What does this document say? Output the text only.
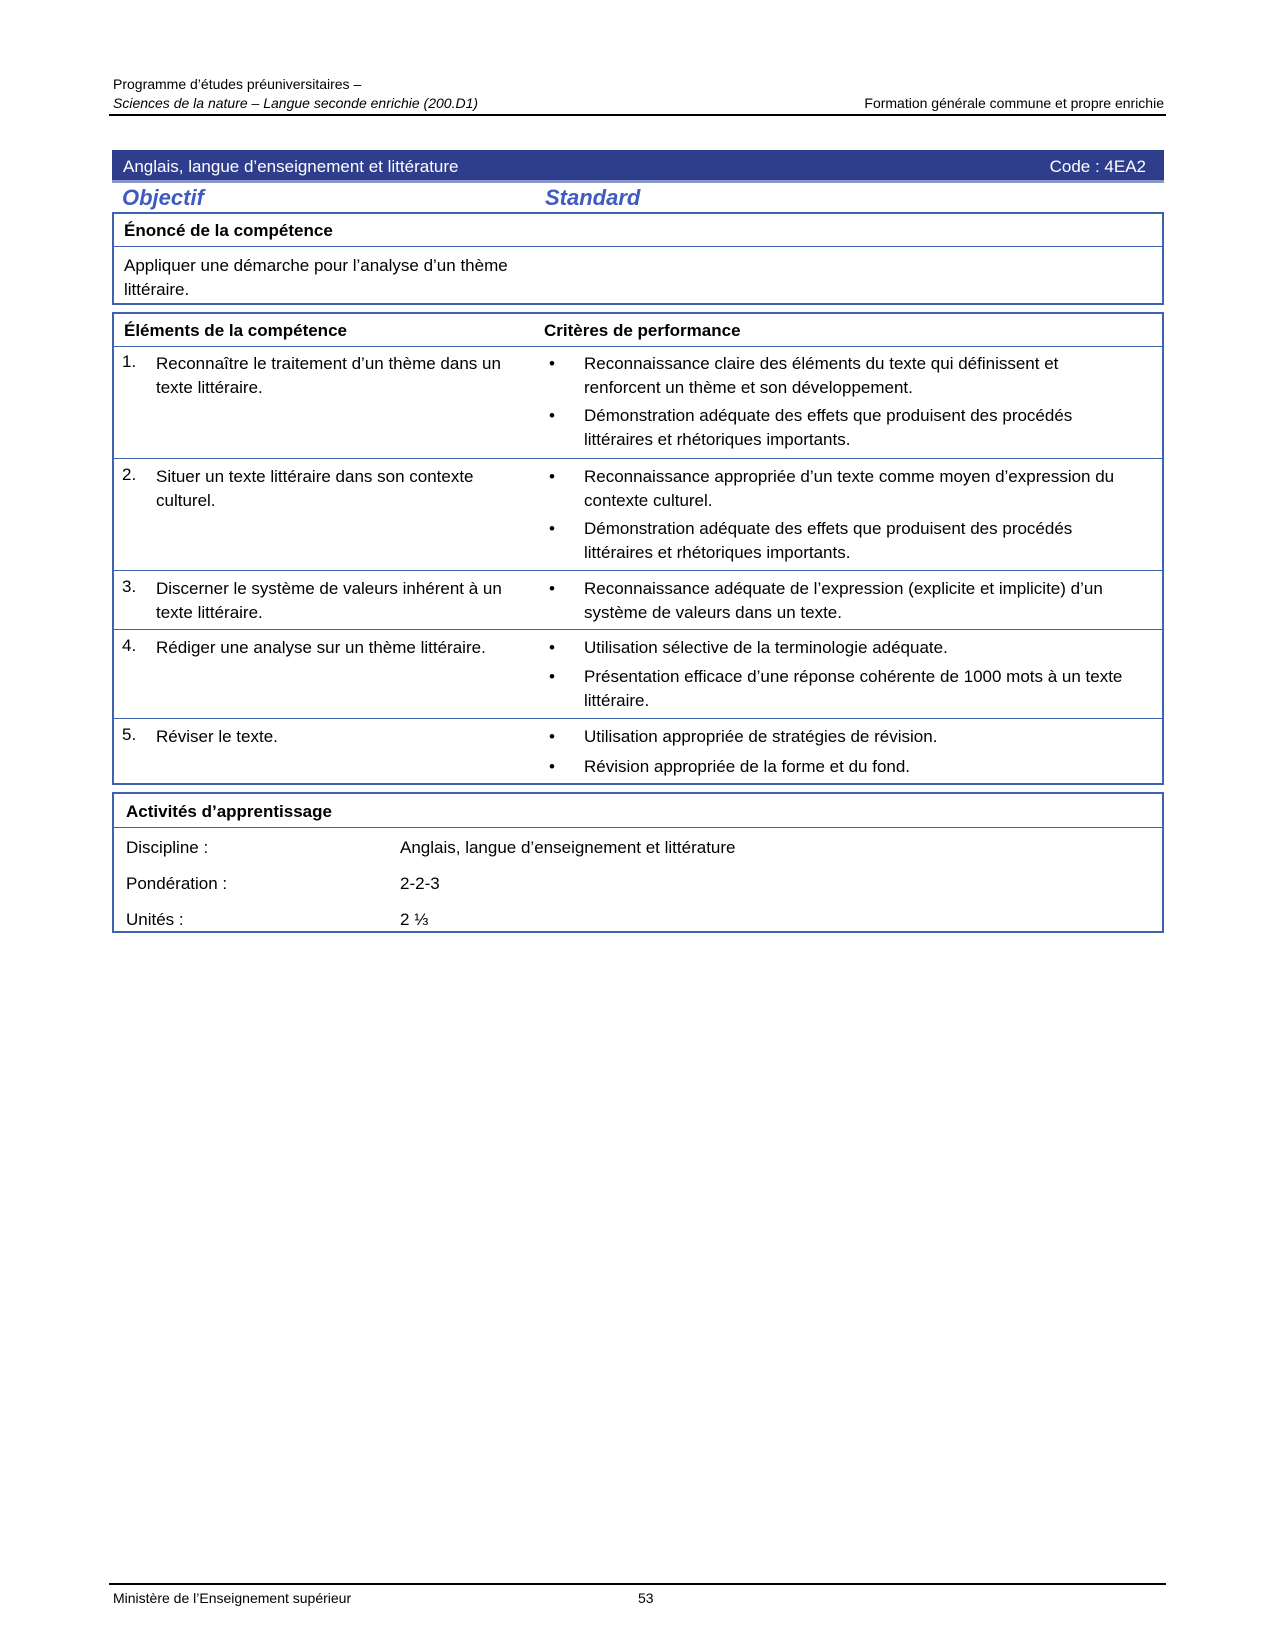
Programme d’études préuniversitaires –
Sciences de la nature – Langue seconde enrichie (200.D1)	Formation générale commune et propre enrichie
Anglais, langue d’enseignement et littérature	Code : 4EA2
Objectif	Standard
Énoncé de la compétence
Appliquer une démarche pour l’analyse d’un thème littéraire.
Éléments de la compétence	Critères de performance
1. Reconnaître le traitement d’un thème dans un texte littéraire.
• Reconnaissance claire des éléments du texte qui définissent et renforcent un thème et son développement.
• Démonstration adéquate des effets que produisent des procédés littéraires et rhétoriques importants.
2. Situer un texte littéraire dans son contexte culturel.
• Reconnaissance appropriée d’un texte comme moyen d’expression du contexte culturel.
• Démonstration adéquate des effets que produisent des procédés littéraires et rhétoriques importants.
3. Discerner le système de valeurs inhérent à un texte littéraire.
• Reconnaissance adéquate de l’expression (explicite et implicite) d’un système de valeurs dans un texte.
4. Rédiger une analyse sur un thème littéraire.	• Utilisation sélective de la terminologie adéquate.
• Présentation efficace d’une réponse cohérente de 1000 mots à un texte littéraire.
5. Réviser le texte.	• Utilisation appropriée de stratégies de révision.
• Révision appropriée de la forme et du fond.
Activités d’apprentissage
Discipline :	Anglais, langue d’enseignement et littérature
Pondération :	2-2-3
Unités :	2 ⅓
Ministère de l’Enseignement supérieur	53
